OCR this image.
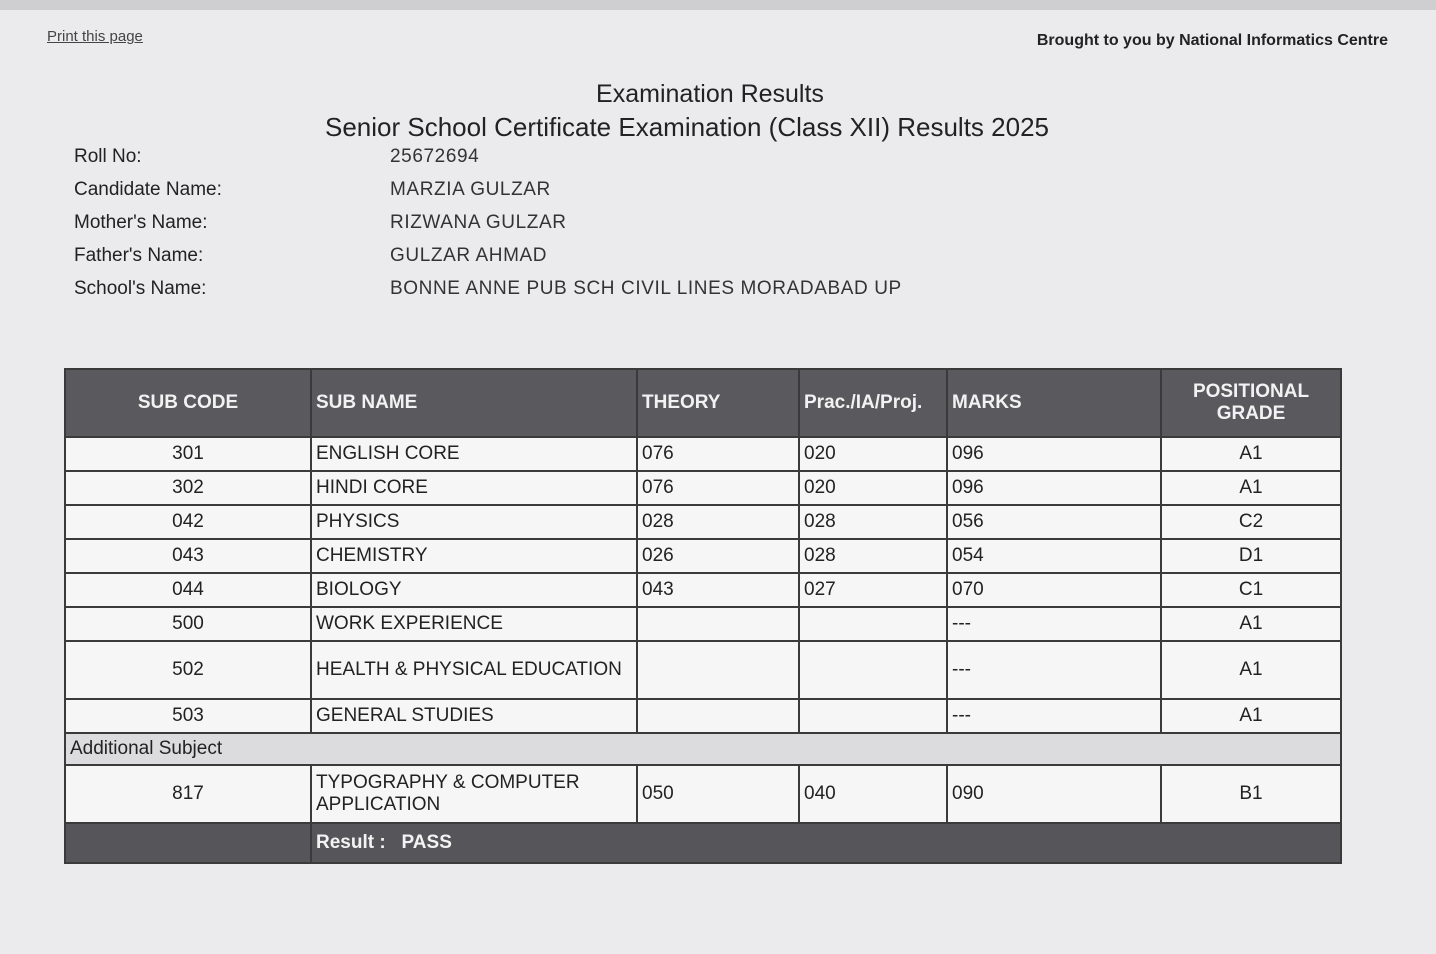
Print this page	Brought to you by National Informatics Centre
Examination Results
Senior School Certificate Examination (Class XII) Results 2025
Roll No:	25672694
Candidate Name:	MARZIA GULZAR
Mother's Name:	RIZWANA GULZAR
Father's Name:	GULZAR AHMAD
School's Name:	BONNE ANNE PUB SCH CIVIL LINES MORADABAD UP
SUB CODE	SUB NAME	THEORY	Prac./IA/Proj.	MARKS	POSITIONAL GRADE
301	ENGLISH CORE	076	020	096	A1
302	HINDI CORE	076	020	096	A1
042	PHYSICS	028	028	056	C2
043	CHEMISTRY	026	028	054	D1
044	BIOLOGY	043	027	070	C1
500	WORK EXPERIENCE			---	A1
502	HEALTH & PHYSICAL EDUCATION			---	A1
503	GENERAL STUDIES			---	A1
Additional Subject					
817	TYPOGRAPHY & COMPUTER APPLICATION	050	040	090	B1
	Result : PASS				
